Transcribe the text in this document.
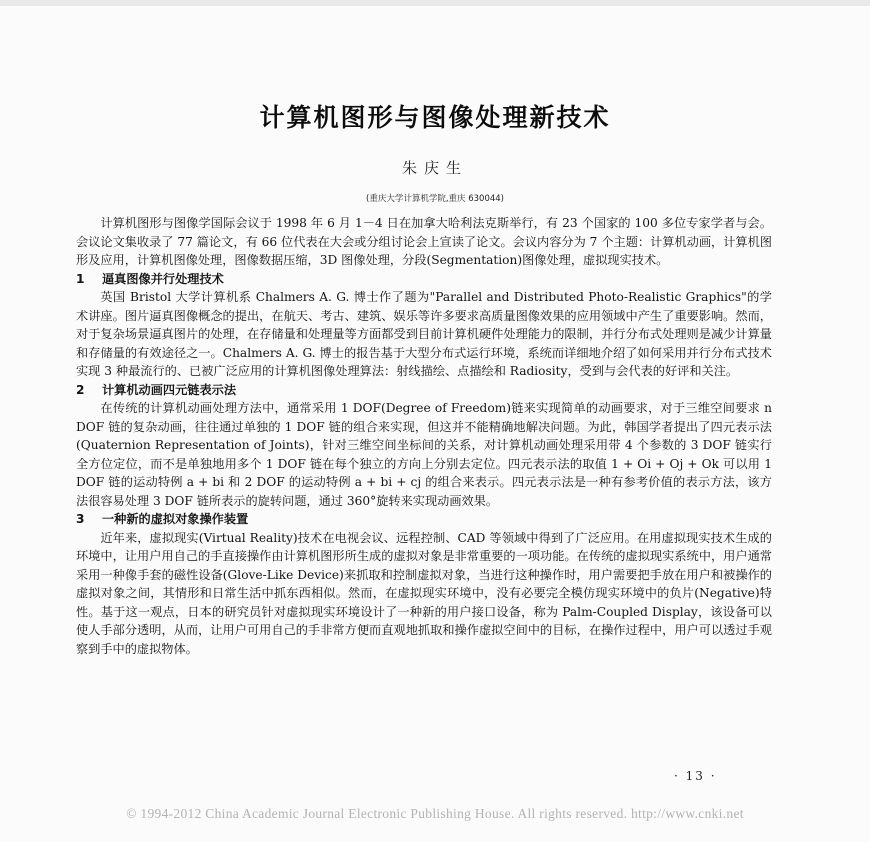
计算机图形与图像处理新技术
朱庆生
(重庆大学计算机学院,重庆 630044)

计算机图形与图像学国际会议于 1998 年 6 月 1－4 日在加拿大哈利法克斯举行，有 23 个国家的 100 多位专家学者与会。会议论文集收录了 77 篇论文，有 66 位代表在大会或分组讨论会上宣读了论文。会议内容分为 7 个主题：计算机动画，计算机图形及应用，计算机图像处理，图像数据压缩，3D 图像处理，分段(Segmentation)图像处理，虚拟现实技术。

1 逼真图像并行处理技术

英国 Bristol 大学计算机系 Chalmers A. G. 博士作了题为"Parallel and Distributed Photo-Realistic Graphics"的学术讲座。图片逼真图像概念的提出，在航天、考古、建筑、娱乐等许多要求高质量图像效果的应用领域中产生了重要影响。然而，对于复杂场景逼真图片的处理，在存储量和处理量等方面都受到目前计算机硬件处理能力的限制，并行分布式处理则是减少计算量和存储量的有效途径之一。Chalmers A. G. 博士的报告基于大型分布式运行环境，系统而详细地介绍了如何采用并行分布式技术实现 3 种最流行的、已被广泛应用的计算机图像处理算法：射线描绘、点描绘和 Radiosity，受到与会代表的好评和关注。

2 计算机动画四元链表示法

在传统的计算机动画处理方法中，通常采用 1 DOF(Degree of Freedom)链来实现简单的动画要求，对于三维空间要求 n DOF 链的复杂动画，往往通过单独的 1 DOF 链的组合来实现，但这并不能精确地解决问题。为此，韩国学者提出了四元表示法(Quaternion Representation of Joints)，针对三维空间坐标间的关系，对计算机动画处理采用带 4 个参数的 3 DOF 链实行全方位定位，而不是单独地用多个 1 DOF 链在每个独立的方向上分别去定位。四元表示法的取值 1 + Oi + Oj + Ok 可以用 1 DOF 链的运动特例 a + bi 和 2 DOF 的运动特例 a + bi + cj 的组合来表示。四元表示法是一种有参考价值的表示方法，该方法很容易处理 3 DOF 链所表示的旋转问题，通过 360°旋转来实现动画效果。

3 一种新的虚拟对象操作装置

近年来，虚拟现实(Virtual Reality)技术在电视会议、远程控制、CAD 等领域中得到了广泛应用。在用虚拟现实技术生成的环境中，让用户用自己的手直接操作由计算机图形所生成的虚拟对象是非常重要的一项功能。在传统的虚拟现实系统中，用户通常采用一种像手套的磁性设备(Glove-Like Device)来抓取和控制虚拟对象，当进行这种操作时，用户需要把手放在用户和被操作的虚拟对象之间，其情形和日常生活中抓东西相似。然而，在虚拟现实环境中，没有必要完全模仿现实环境中的负片(Negative)特性。基于这一观点，日本的研究员针对虚拟现实环境设计了一种新的用户接口设备，称为 Palm-Coupled Display，该设备可以使人手部分透明，从而，让用户可用自己的手非常方便而直观地抓取和操作虚拟空间中的目标，在操作过程中，用户可以透过手观察到手中的虚拟物体。

· 13 ·
© 1994-2012 China Academic Journal Electronic Publishing House. All rights reserved. http://www.cnki.net
